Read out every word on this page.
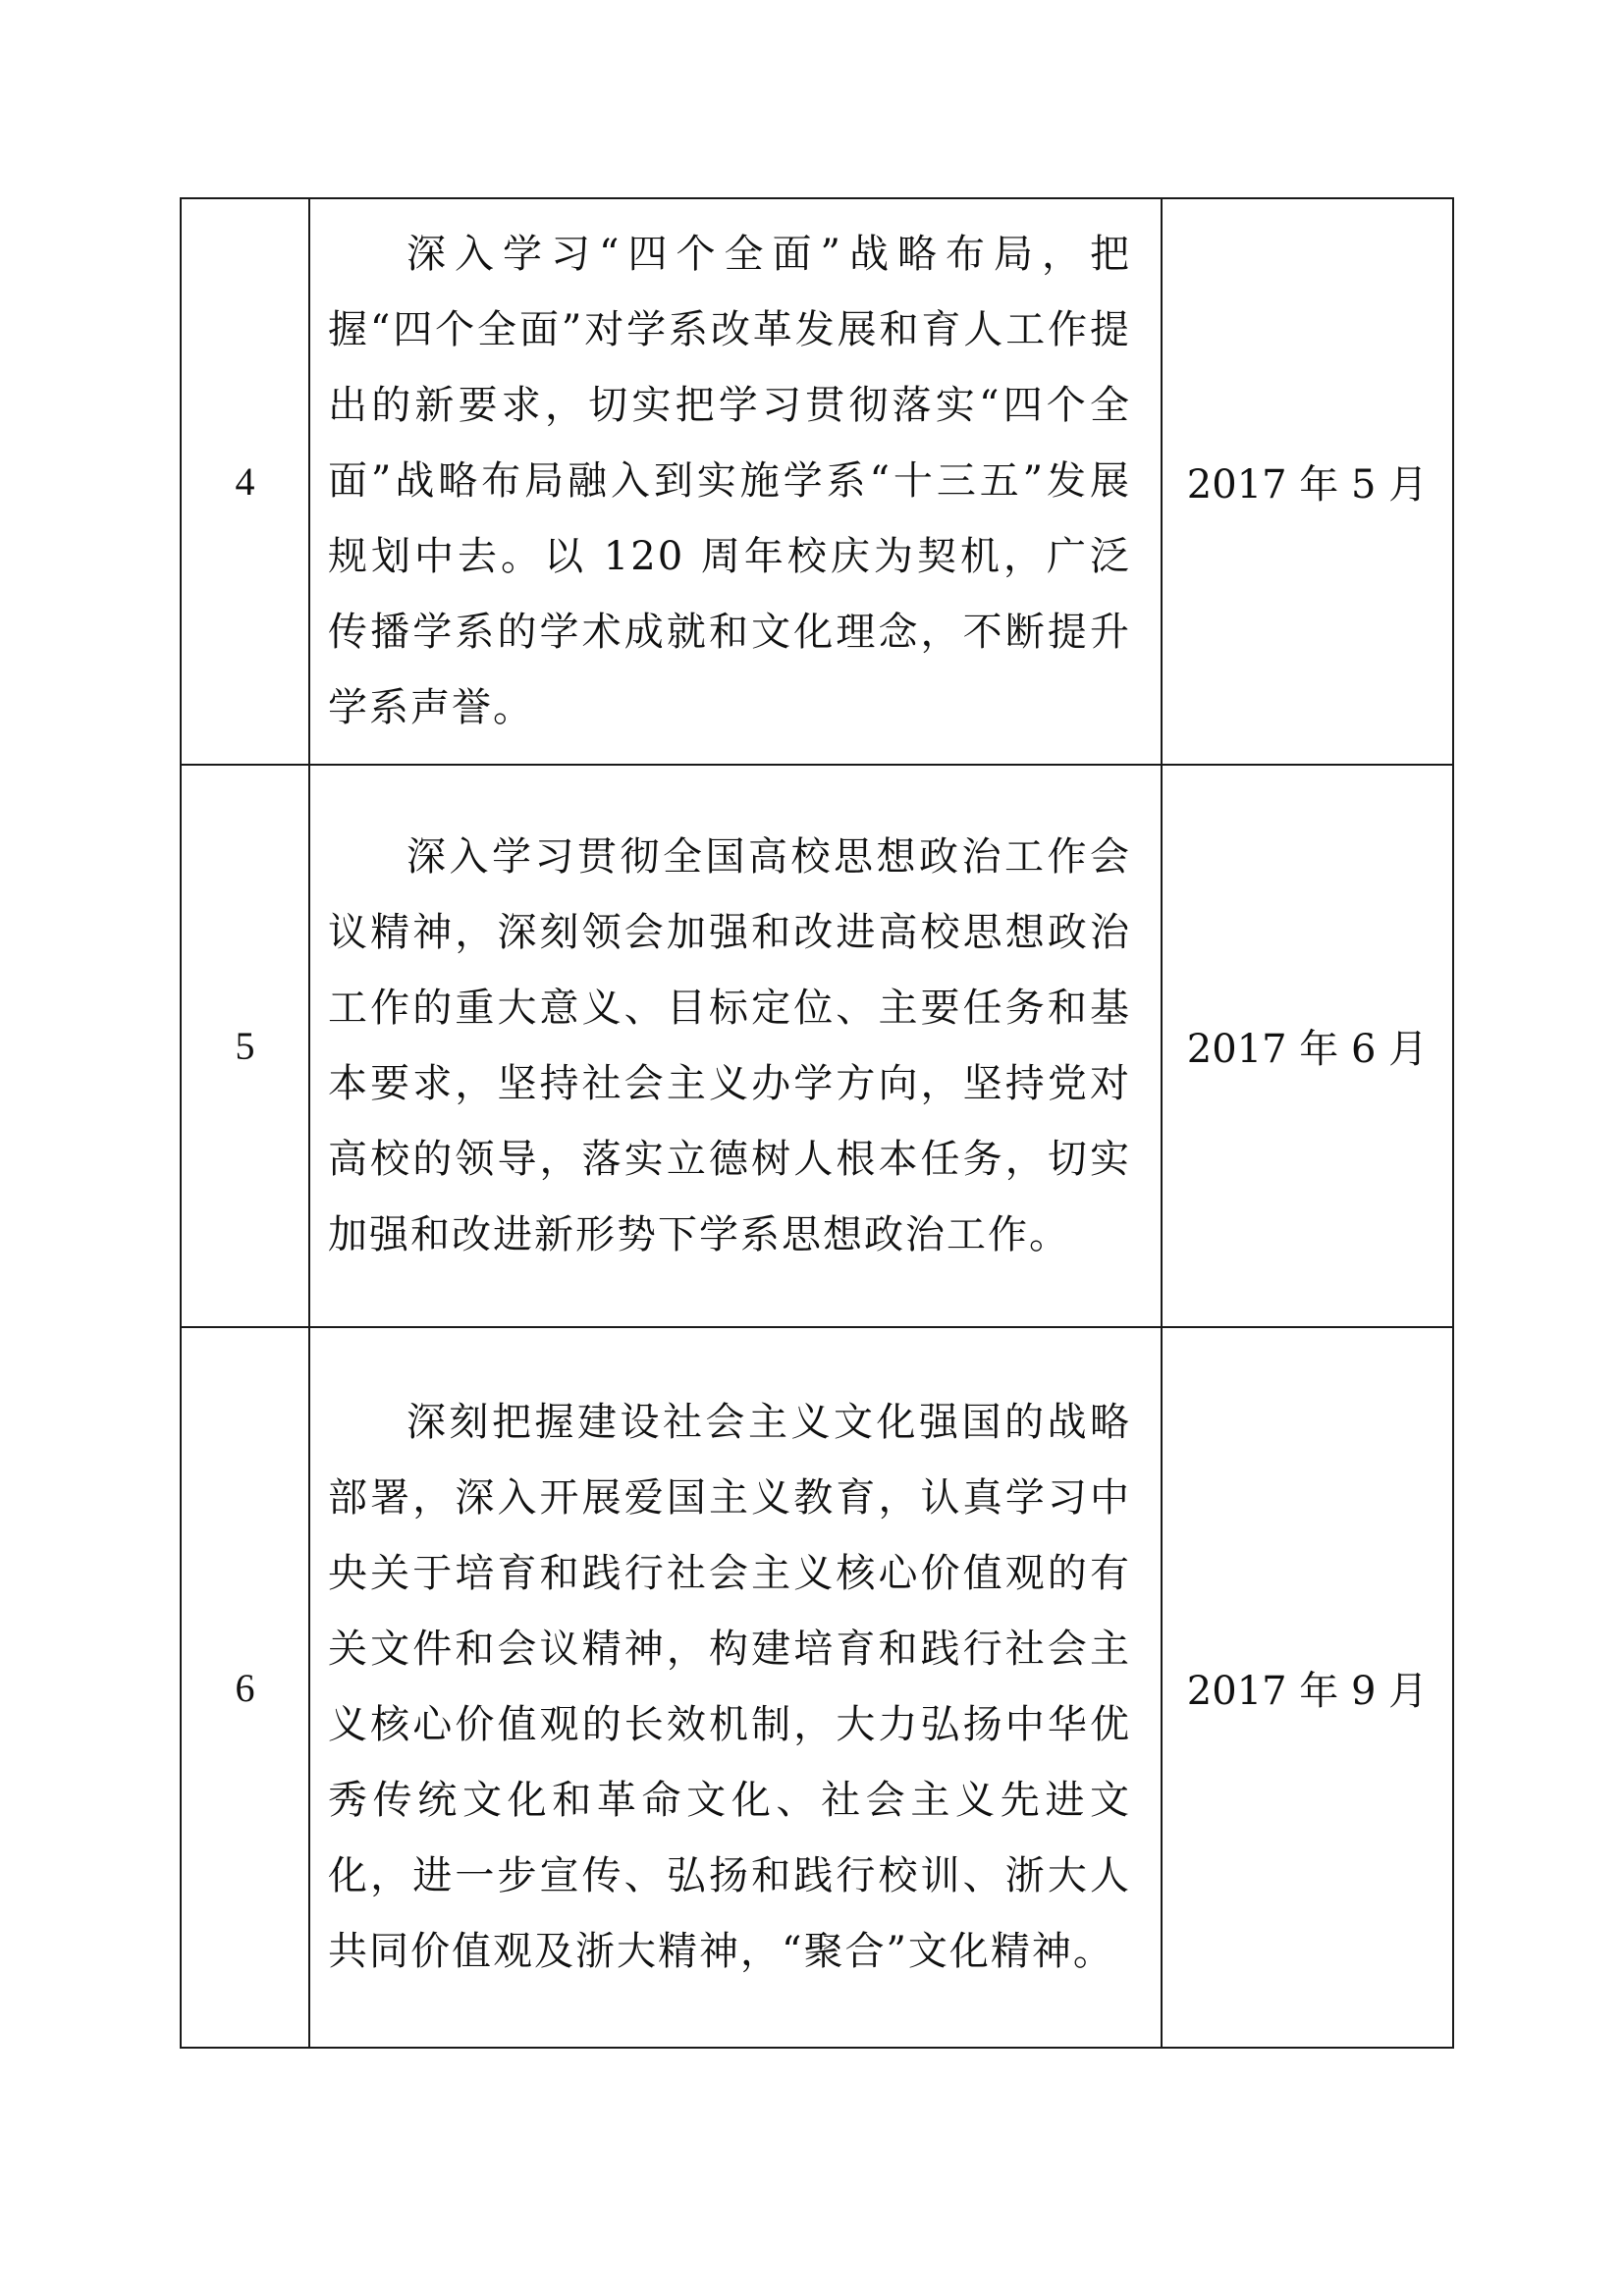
4	深入学习“四个全面”战略布局，把握“四个全面”对学系改革发展和育人工作提出的新要求，切实把学习贯彻落实“四个全面”战略布局融入到实施学系“十三五”发展规划中去。以 120 周年校庆为契机，广泛传播学系的学术成就和文化理念，不断提升学系声誉。	2017 年 5 月
5	深入学习贯彻全国高校思想政治工作会议精神，深刻领会加强和改进高校思想政治工作的重大意义、目标定位、主要任务和基本要求，坚持社会主义办学方向，坚持党对高校的领导，落实立德树人根本任务，切实加强和改进新形势下学系思想政治工作。	2017 年 6 月
6	深刻把握建设社会主义文化强国的战略部署，深入开展爱国主义教育，认真学习中央关于培育和践行社会主义核心价值观的有关文件和会议精神，构建培育和践行社会主义核心价值观的长效机制，大力弘扬中华优秀传统文化和革命文化、社会主义先进文化，进一步宣传、弘扬和践行校训、浙大人共同价值观及浙大精神，“聚合”文化精神。	2017 年 9 月
